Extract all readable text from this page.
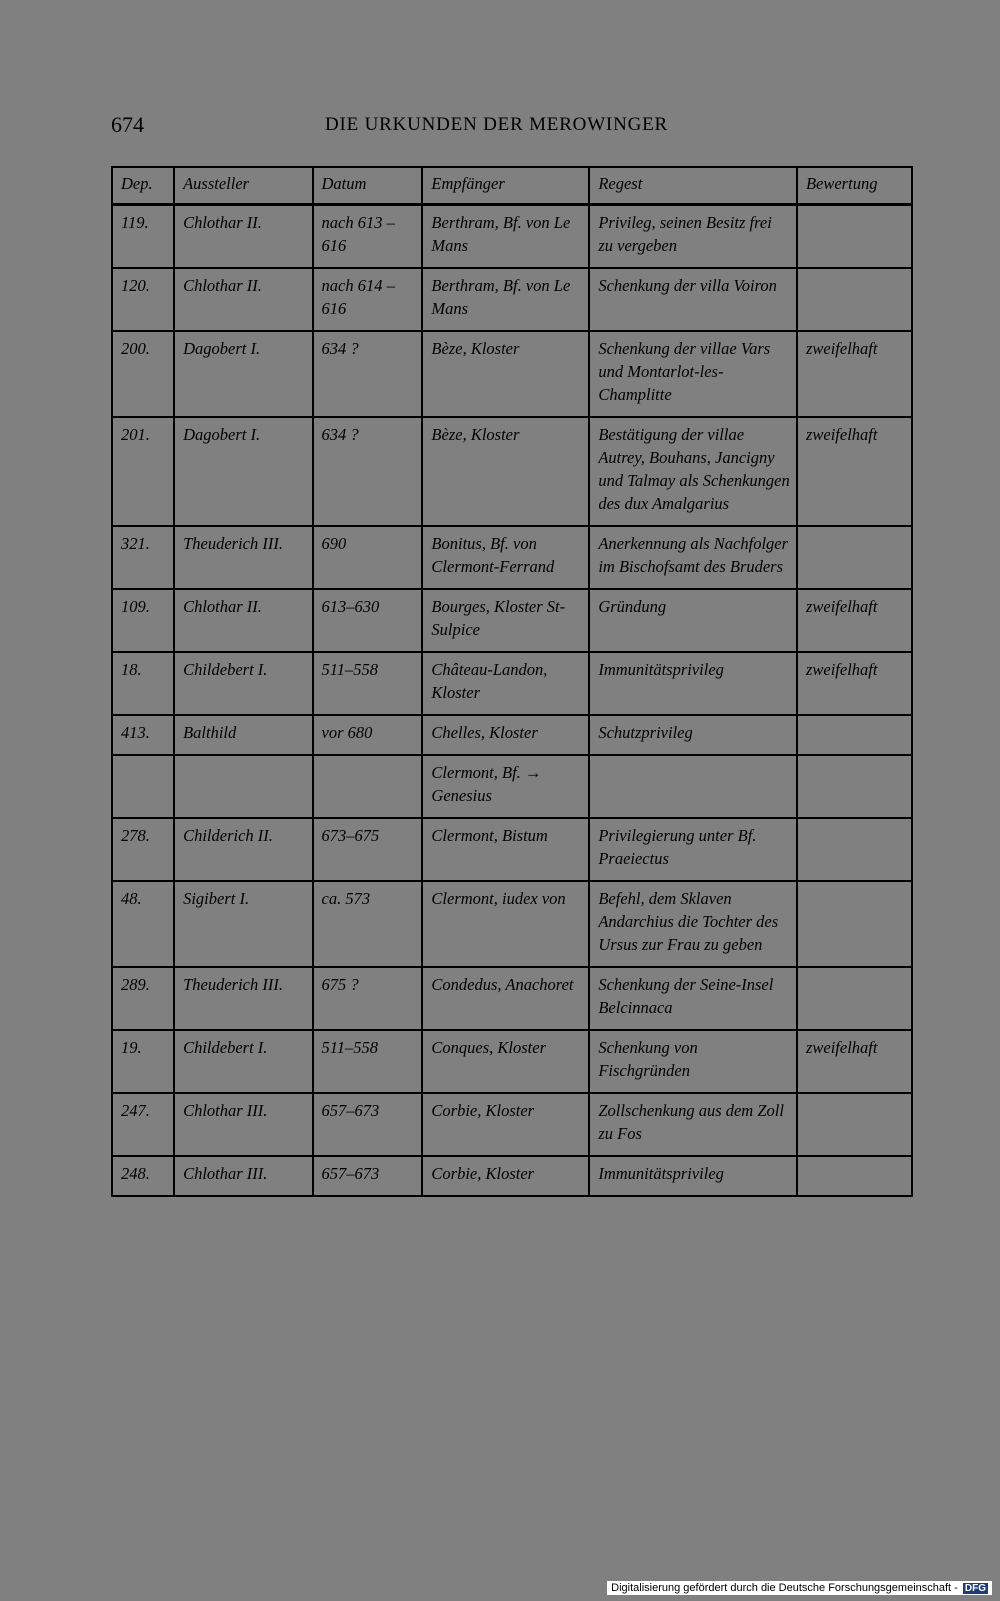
674	DIE URKUNDEN DER MEROWINGER
Dep.	Aussteller	Datum	Empfänger	Regest	Bewertung
119.	Chlothar II.	nach 613 – 616	Berthram, Bf. von Le Mans	Privileg, seinen Besitz frei zu vergeben	
120.	Chlothar II.	nach 614 – 616	Berthram, Bf. von Le Mans	Schenkung der villa Voiron	
200.	Dagobert I.	634 ?	Bèze, Kloster	Schenkung der villae Vars und Montarlot-les-Champlitte	zweifelhaft
201.	Dagobert I.	634 ?	Bèze, Kloster	Bestätigung der villae Autrey, Bouhans, Jancigny und Talmay als Schenkungen des dux Amalgarius	zweifelhaft
321.	Theuderich III.	690	Bonitus, Bf. von Clermont-Ferrand	Anerkennung als Nachfolger im Bischofsamt des Bruders	
109.	Chlothar II.	613–630	Bourges, Kloster St-Sulpice	Gründung	zweifelhaft
18.	Childebert I.	511–558	Château-Landon, Kloster	Immunitätsprivileg	zweifelhaft
413.	Balthild	vor 680	Chelles, Kloster	Schutzprivileg	
			Clermont, Bf. → Genesius		
278.	Childerich II.	673–675	Clermont, Bistum	Privilegierung unter Bf. Praeiectus	
48.	Sigibert I.	ca. 573	Clermont, iudex von	Befehl, dem Sklaven Andarchius die Tochter des Ursus zur Frau zu geben	
289.	Theuderich III.	675 ?	Condedus, Anachoret	Schenkung der Seine-Insel Belcinnaca	
19.	Childebert I.	511–558	Conques, Kloster	Schenkung von Fischgründen	zweifelhaft
247.	Chlothar III.	657–673	Corbie, Kloster	Zollschenkung aus dem Zoll zu Fos	
248.	Chlothar III.	657–673	Corbie, Kloster	Immunitätsprivileg	
Digitalisierung gefördert durch die Deutsche Forschungsgemeinschaft - DFG
